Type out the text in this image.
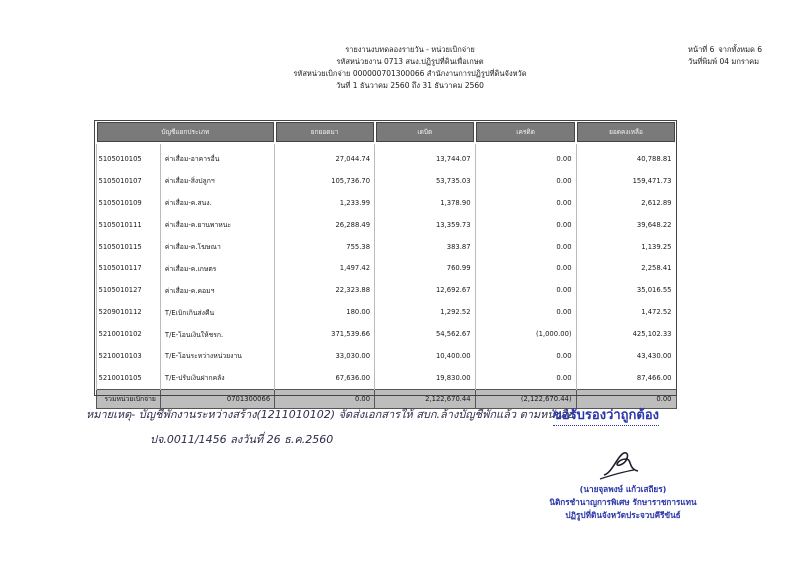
รายงานงบทดลองรายวัน - หน่วยเบิกจ่าย
รหัสหน่วยงาน 0713 สนง.ปฏิรูปที่ดินเพื่อเกษต
รหัสหน่วยเบิกจ่าย 000000701300066 สำนักงานการปฏิรูปที่ดินจังหวัด
วันที่ 1 ธันวาคม 2560 ถึง 31 ธันวาคม 2560
หน้าที่ 6 จากทั้งหมด 6
วันที่พิมพ์ 04 มกราคม
บัญชีแยกประเภท		ยกยอดมา	เดบิต	เครดิต	ยอดคงเหลือ
5105010105	ค่าเสื่อม-อาคารอื่น	27,044.74	13,744.07	0.00	40,788.81
5105010107	ค่าเสื่อม-สิ่งปลูกฯ	105,736.70	53,735.03	0.00	159,471.73
5105010109	ค่าเสื่อม-ค.สนง.	1,233.99	1,378.90	0.00	2,612.89
5105010111	ค่าเสื่อม-ค.ยานพาหนะ	26,288.49	13,359.73	0.00	39,648.22
5105010115	ค่าเสื่อม-ค.โฆษณา	755.38	383.87	0.00	1,139.25
5105010117	ค่าเสื่อม-ค.เกษตร	1,497.42	760.99	0.00	2,258.41
5105010127	ค่าเสื่อม-ค.คอมฯ	22,323.88	12,692.67	0.00	35,016.55
5209010112	T/Eเบิกเกินส่งคืน	180.00	1,292.52	0.00	1,472.52
5210010102	T/E-โอนเงินให้ชรก.	371,539.66	54,562.67	(1,000.00)	425,102.33
5210010103	T/E-โอนระหว่างหน่วยงาน	33,030.00	10,400.00	0.00	43,430.00
5210010105	T/E-ปรับเงินฝากคลัง	67,636.00	19,830.00	0.00	87,466.00
รวมหน่วยเบิกจ่าย	0701300066	0.00	2,122,670.44	(2,122,670.44)	0.00
หมายเหตุ- บัญชีพักงานระหว่างสร้าง(1211010102) จัดส่งเอกสารให้ สบก.ล้างบัญชีพักแล้ว ตามหนังสือ
ปจ.0011/1456 ลงวันที่ 26 ธ.ค.2560
ขอรับรองว่าถูกต้อง
(นายจุลพงษ์ แก้วเสถียร)
นิติกรชำนาญการพิเศษ รักษาราชการแทน
ปฏิรูปที่ดินจังหวัดประจวบคีรีขันธ์
